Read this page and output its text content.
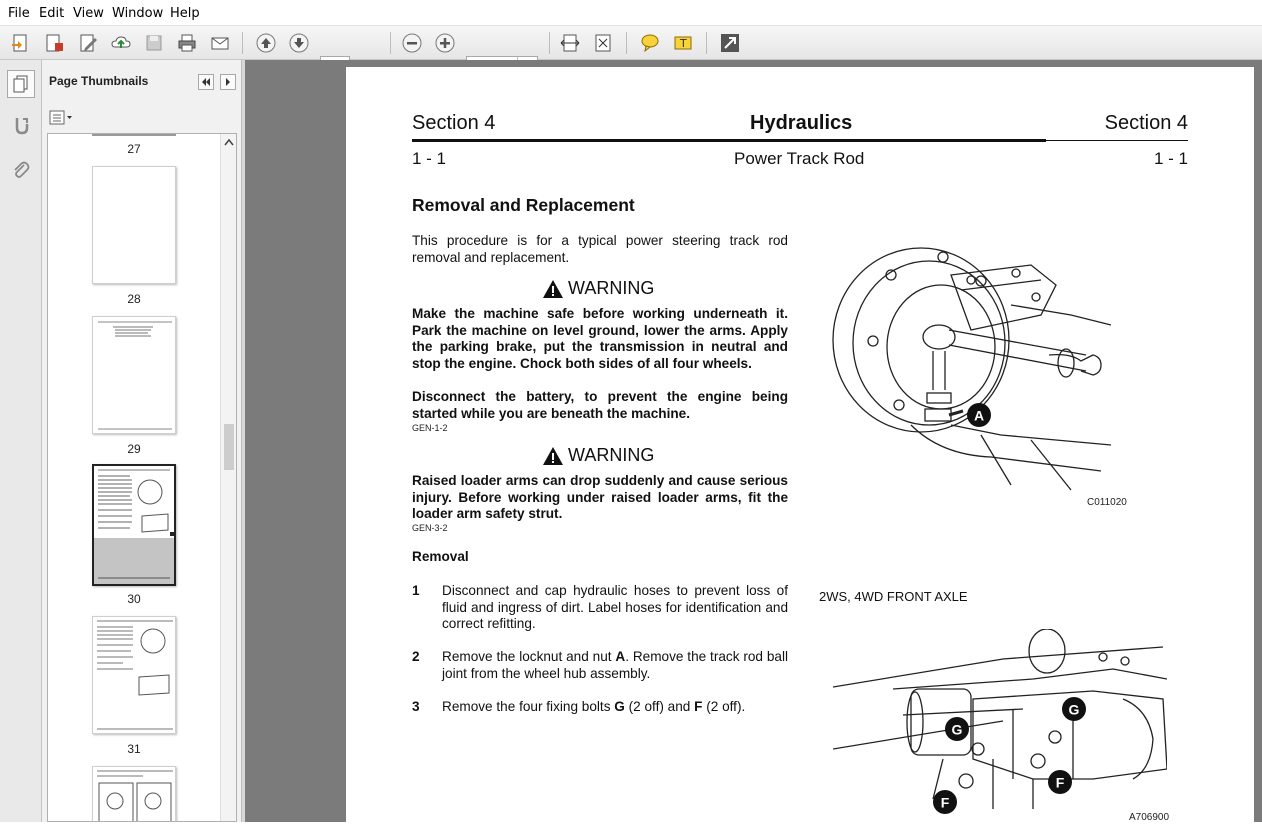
File Edit View Window Help
T
Page Thumbnails
27
28
29
30
31
Section 4	Hydraulics	Section 4
1 - 1	Power Track Rod	1 - 1
Removal and Replacement

This procedure is for a typical power steering track rod removal and replacement.

WARNING

Make the machine safe before working underneath it. Park the machine on level ground, lower the arms. Apply the parking brake, put the transmission in neutral and stop the engine. Chock both sides of all four wheels.

Disconnect the battery, to prevent the engine being started while you are beneath the machine.

GEN-1-2
WARNING

Raised loader arms can drop suddenly and cause serious injury. Before working under raised loader arms, fit the loader arm safety strut.

GEN-3-2
Removal
1 Disconnect and cap hydraulic hoses to prevent loss of fluid and ingress of dirt. Label hoses for identification and correct refitting.

2 Remove the locknut and nut A. Remove the track rod ball joint from the wheel hub assembly.

3 Remove the four fixing bolts G (2 off) and F (2 off).

A
C011020
2WS, 4WD FRONT AXLE
G
G
F
F
A706900
